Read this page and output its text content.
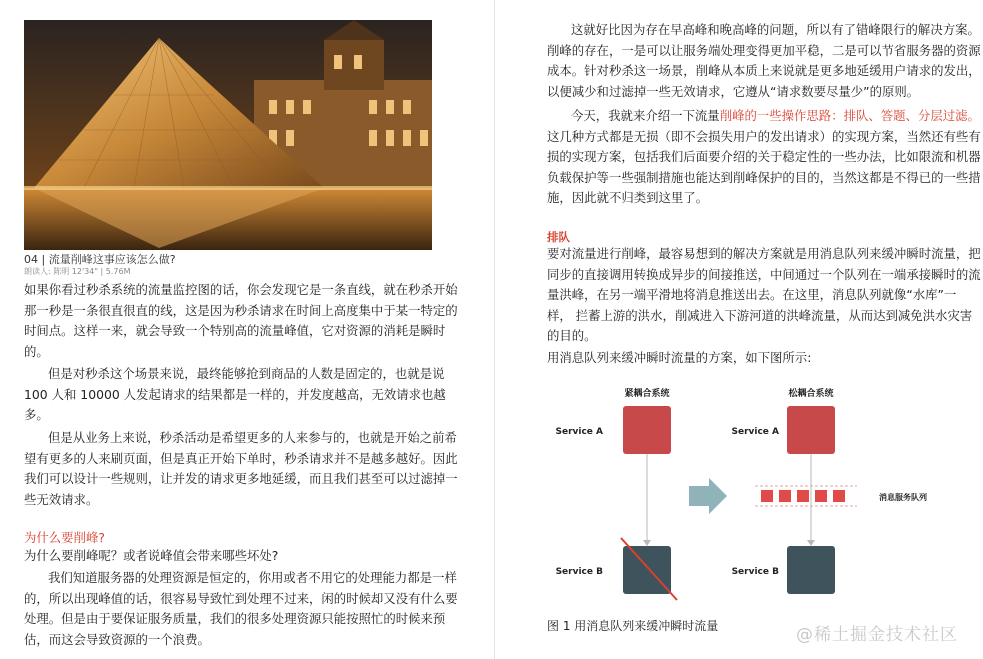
04 | 流量削峰这事应该怎么做?
朗读人: 陈明 12'34" | 5.76M
如果你看过秒杀系统的流量监控图的话，你会发现它是一条直线，就在秒杀开始
那一秒是一条很直很直的线，这是因为秒杀请求在时间上高度集中于某一特定的
时间点。这样一来，就会导致一个特别高的流量峰值，它对资源的消耗是瞬时
的。
但是对秒杀这个场景来说，最终能够抢到商品的人数是固定的，也就是说
100 人和 10000 人发起请求的结果都是一样的，并发度越高，无效请求也越
多。
但是从业务上来说，秒杀活动是希望更多的人来参与的，也就是开始之前希
望有更多的人来刷页面，但是真正开始下单时，秒杀请求并不是越多越好。因此
我们可以设计一些规则，让并发的请求更多地延缓，而且我们甚至可以过滤掉一
些无效请求。
为什么要削峰?
为什么要削峰呢？或者说峰值会带来哪些坏处?
我们知道服务器的处理资源是恒定的，你用或者不用它的处理能力都是一样
的，所以出现峰值的话，很容易导致忙到处理不过来，闲的时候却又没有什么要
处理。但是由于要保证服务质量，我们的很多处理资源只能按照忙的时候来预
估，而这会导致资源的一个浪费。
这就好比因为存在早高峰和晚高峰的问题，所以有了错峰限行的解决方案。
削峰的存在，一是可以让服务端处理变得更加平稳，二是可以节省服务器的资源
成本。针对秒杀这一场景，削峰从本质上来说就是更多地延缓用户请求的发出，
以便减少和过滤掉一些无效请求，它遵从“请求数要尽量少”的原则。
今天，我就来介绍一下流量削峰的一些操作思路：排队、答题、分层过滤。
这几种方式都是无损（即不会损失用户的发出请求）的实现方案，当然还有些有
损的实现方案，包括我们后面要介绍的关于稳定性的一些办法，比如限流和机器
负载保护等一些强制措施也能达到削峰保护的目的，当然这都是不得已的一些措
施，因此就不归类到这里了。
排队
要对流量进行削峰，最容易想到的解决方案就是用消息队列来缓冲瞬时流量，把
同步的直接调用转换成异步的间接推送，中间通过一个队列在一端承接瞬时的流
量洪峰，在另一端平滑地将消息推送出去。在这里，消息队列就像“水库”一
样， 拦蓄上游的洪水，削减进入下游河道的洪峰流量，从而达到减免洪水灾害
的目的。
用消息队列来缓冲瞬时流量的方案，如下图所示:
紧耦合系统
Service A
Service B
松耦合系统
Service A
消息服务队列
Service B
图 1 用消息队列来缓冲瞬时流量	@稀土掘金技术社区
